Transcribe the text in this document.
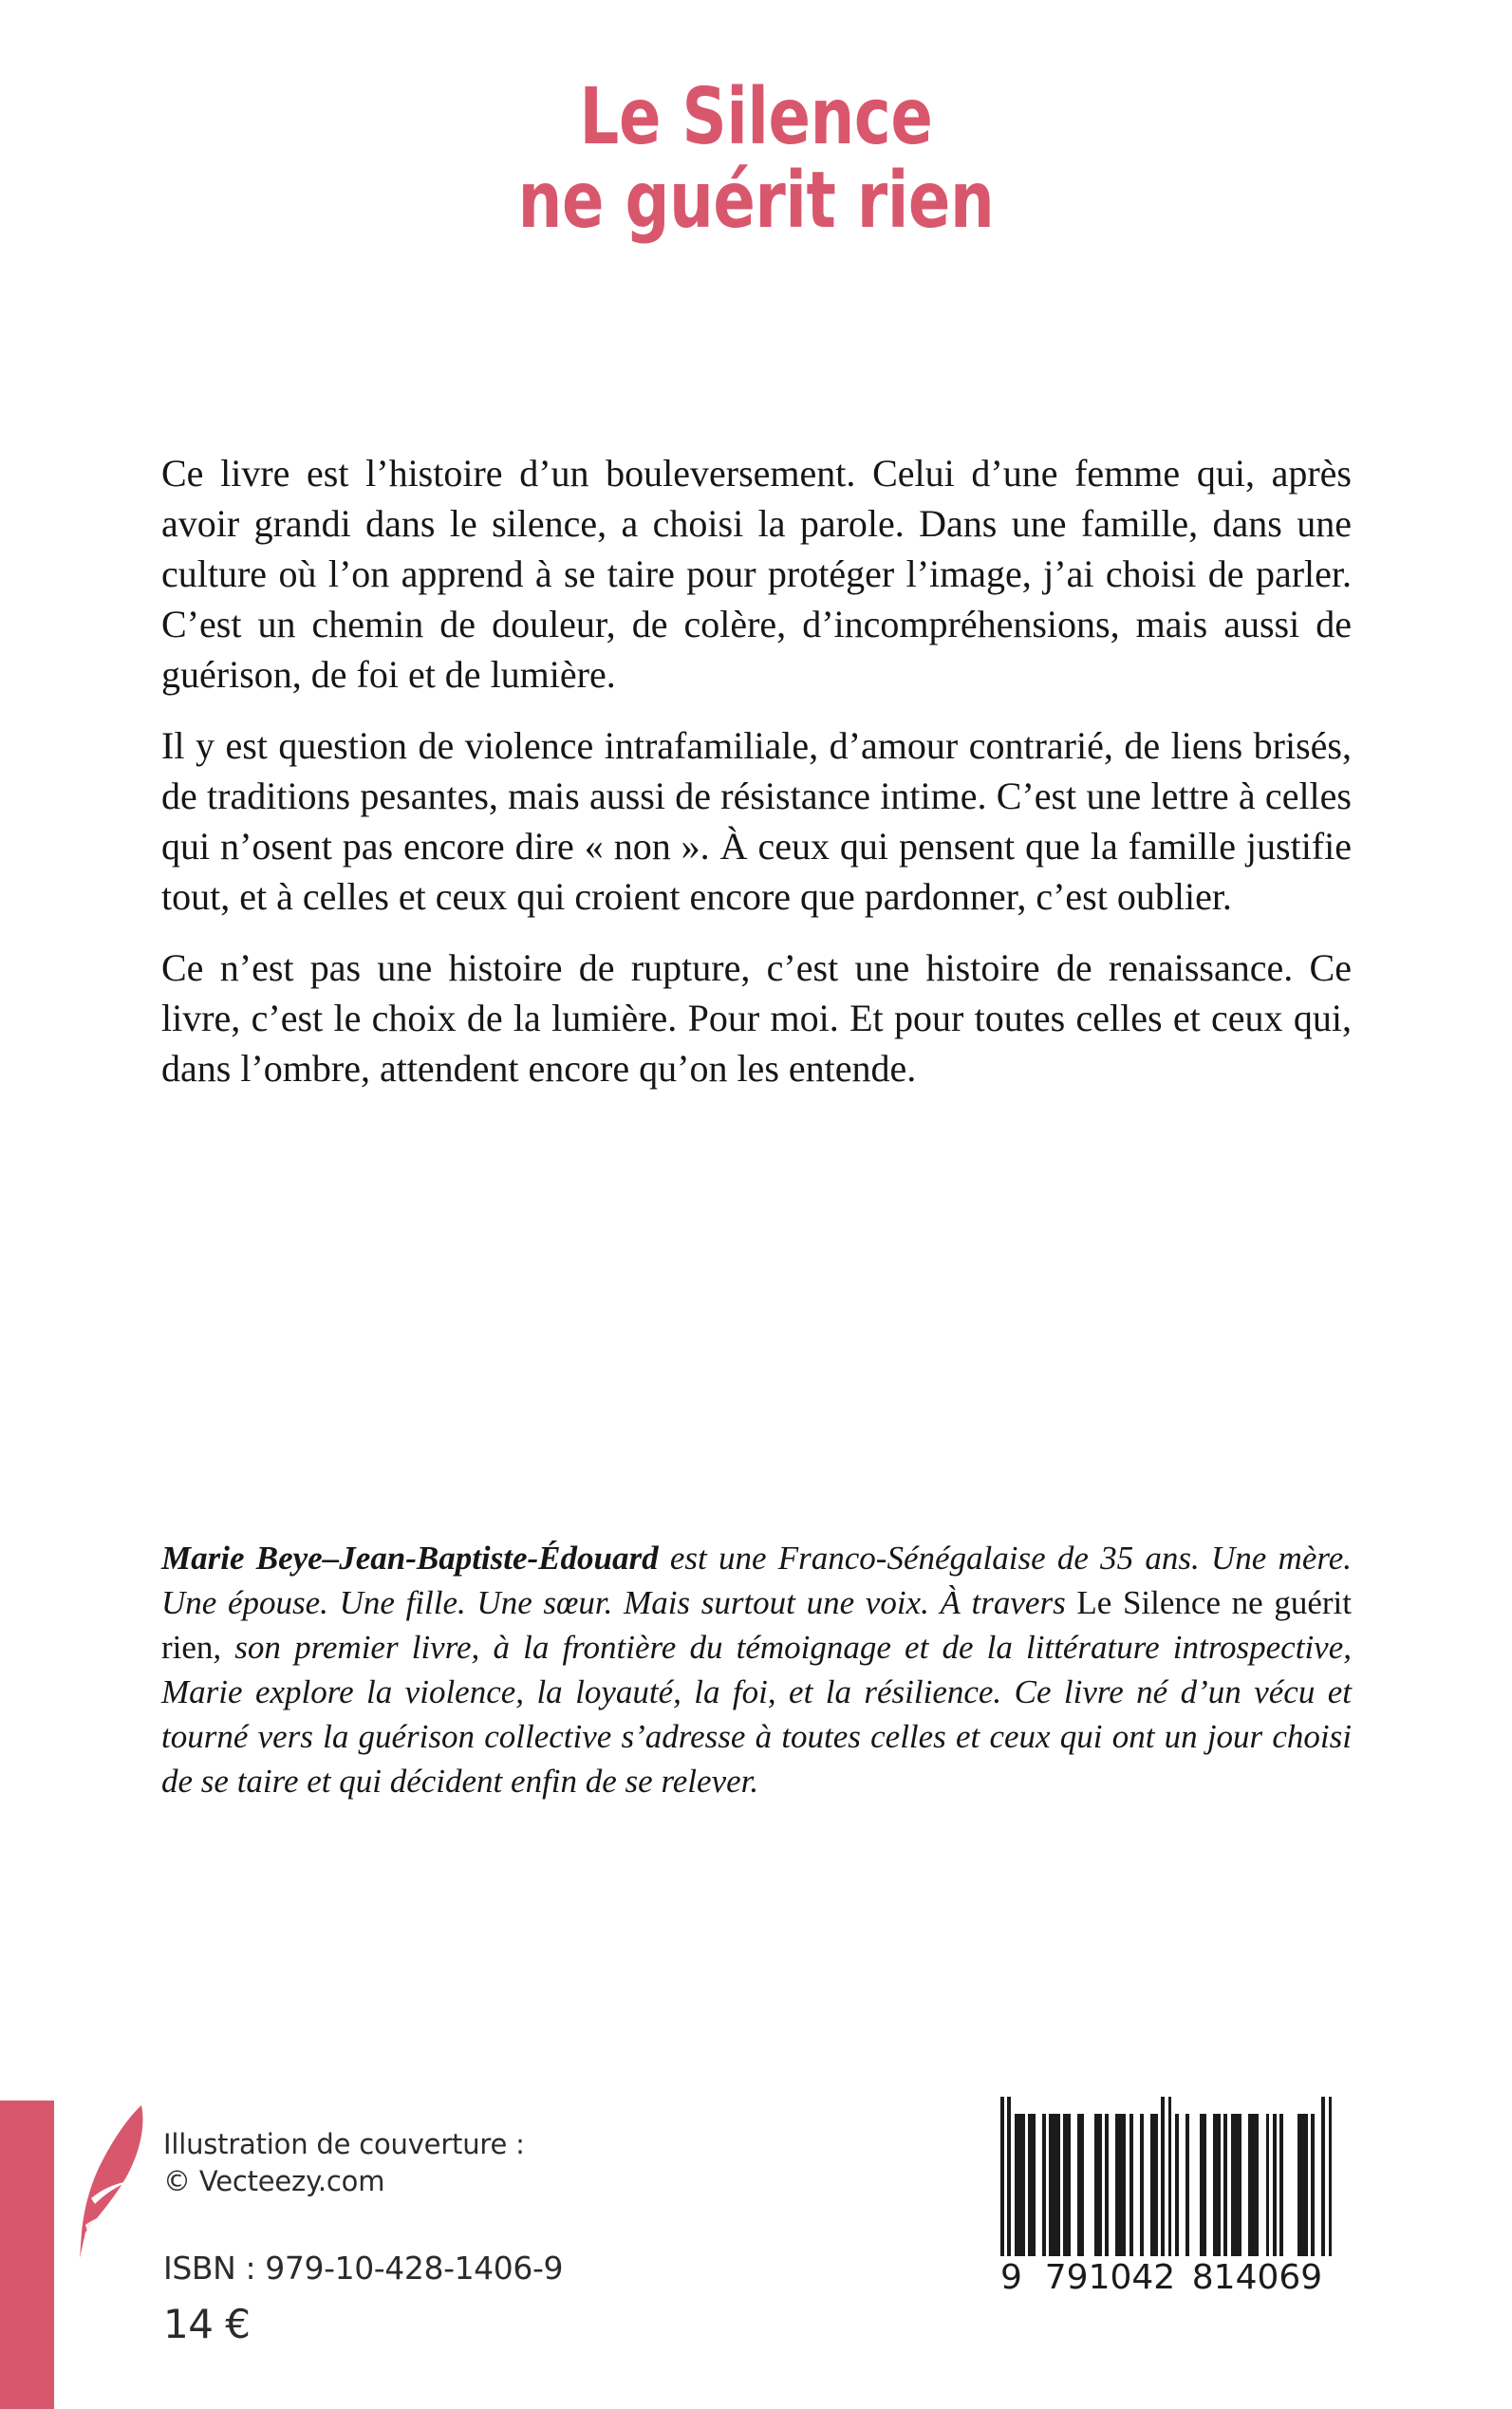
Le Silence
ne guérit rien

Ce livre est l’histoire d’un bouleversement. Celui d’une femme qui, après avoir grandi dans le silence, a choisi la parole. Dans une famille, dans une culture où l’on apprend à se taire pour protéger l’image, j’ai choisi de parler. C’est un chemin de douleur, de colère, d’incompréhensions, mais aussi de guérison, de foi et de lumière.

Il y est question de violence intrafamiliale, d’amour contrarié, de liens brisés, de traditions pesantes, mais aussi de résistance intime. C’est une lettre à celles qui n’osent pas encore dire « non ». À ceux qui pensent que la famille justifie tout, et à celles et ceux qui croient encore que pardonner, c’est oublier.

Ce n’est pas une histoire de rupture, c’est une histoire de renaissance. Ce livre, c’est le choix de la lumière. Pour moi. Et pour toutes celles et ceux qui, dans l’ombre, attendent encore qu’on les entende.

Marie Beye–Jean-Baptiste-Édouard est une Franco-Sénégalaise de 35 ans. Une mère. Une épouse. Une fille. Une sœur. Mais surtout une voix. À travers Le Silence ne guérit rien, son premier livre, à la frontière du témoignage et de la littérature introspective, Marie explore la violence, la loyauté, la foi, et la résilience. Ce livre né d’un vécu et tourné vers la guérison collective s’adresse à toutes celles et ceux qui ont un jour choisi de se taire et qui décident enfin de se relever.

Illustration de couverture :
© Vecteezy.com

ISBN : 979-10-428-1406-9

14 €

9 791042 814069
